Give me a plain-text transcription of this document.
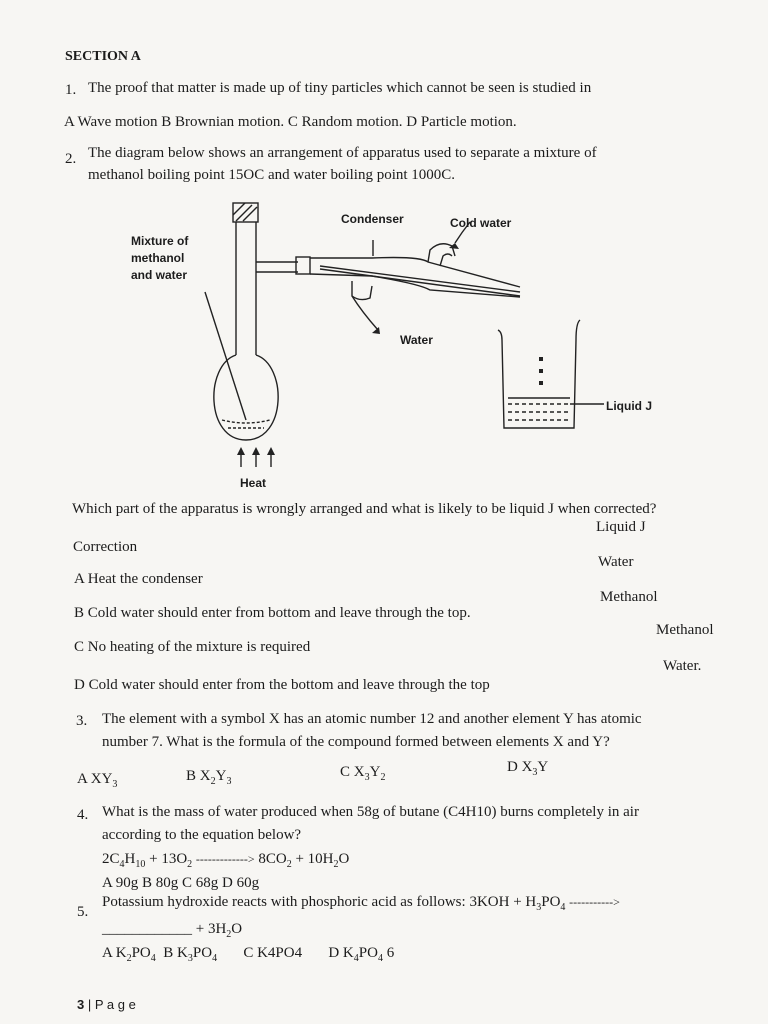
SECTION A
1. The proof that matter is made up of tiny particles which cannot be seen is studied in
A Wave motion B Brownian motion. C Random motion. D Particle motion.
2. The diagram below shows an arrangement of apparatus used to separate a mixture of
methanol boiling point 15OC and water boiling point 1000C.
Condenser	Cold water
Mixture of
methanol
and water
Water
Liquid J
Heat
Which part of the apparatus is wrongly arranged and what is likely to be liquid J when corrected?
Correction
Liquid J
A Heat the condenser
Water
B Cold water should enter from bottom and leave through the top.
Methanol
C No heating of the mixture is required
Methanol
D Cold water should enter from the bottom and leave through the top
Water.
3. The element with a symbol X has an atomic number 12 and another element Y has atomic
number 7. What is the formula of the compound formed between elements X and Y?
A $XY_3$
B $X_2Y_3$
C $X_3Y_2$
D $X_3Y$
4. What is the mass of water produced when 58g of butane (C4H10) burns completely in air
according to the equation below?
$2C_4H_{10} + 13O_2$ -------------> $8CO_2 + 10H_2O$
A 90g B 80g C 68g D 60g
5.
Potassium hydroxide reacts with phosphoric acid as follows: $3KOH + H_3PO_4$ ----------->
____________ + $3H_2O$
A $K_2PO_4$ B $K_3PO_4$ C K4PO4 D $K_4PO_4$ 6
3 | P a g e
